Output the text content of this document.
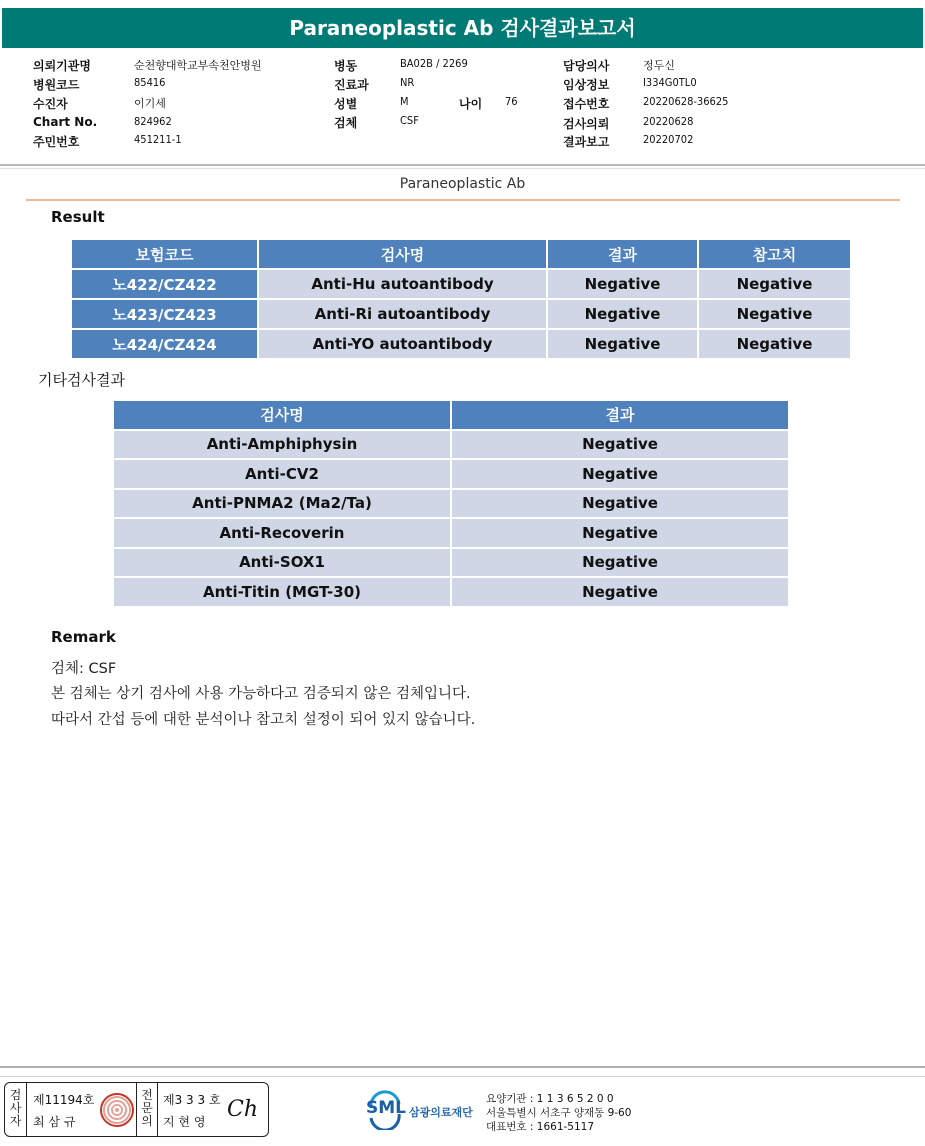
Paraneoplastic Ab 검사결과보고서
의뢰기관명	순천향대학교부속천안병원
병원코드	85416
수진자	이기세
Chart No.	824962
주민번호	451211-1
병동	BA02B / 2269
진료과	NR
성별	M	나이 76
검체	CSF
담당의사	정두신
임상정보	I334G0TL0
접수번호	20220628-36625
검사의뢰	20220628
결과보고	20220702
Paraneoplastic Ab
Result
보험코드	검사명	결과	참고치
노422/CZ422	Anti-Hu autoantibody	Negative	Negative
노423/CZ423	Anti-Ri autoantibody	Negative	Negative
노424/CZ424	Anti-YO autoantibody	Negative	Negative
기타검사결과
검사명	결과
Anti-Amphiphysin	Negative
Anti-CV2	Negative
Anti-PNMA2 (Ma2/Ta)	Negative
Anti-Recoverin	Negative
Anti-SOX1	Negative
Anti-Titin (MGT-30)	Negative
Remark
검체: CSF
본 검체는 상기 검사에 사용 가능하다고 검증되지 않은 검체입니다.
따라서 간섭 등에 대한 분석이나 참고치 설정이 되어 있지 않습니다.
검
사
자
제11194호
최 삼 규
전
문
의
제3 3 3 호
지 현 영 Ch	SML 삼광의료재단
요양기관 : 1 1 3 6 5 2 0 0
서울특별시 서초구 양재동 9-60
대표번호 : 1661-5117
